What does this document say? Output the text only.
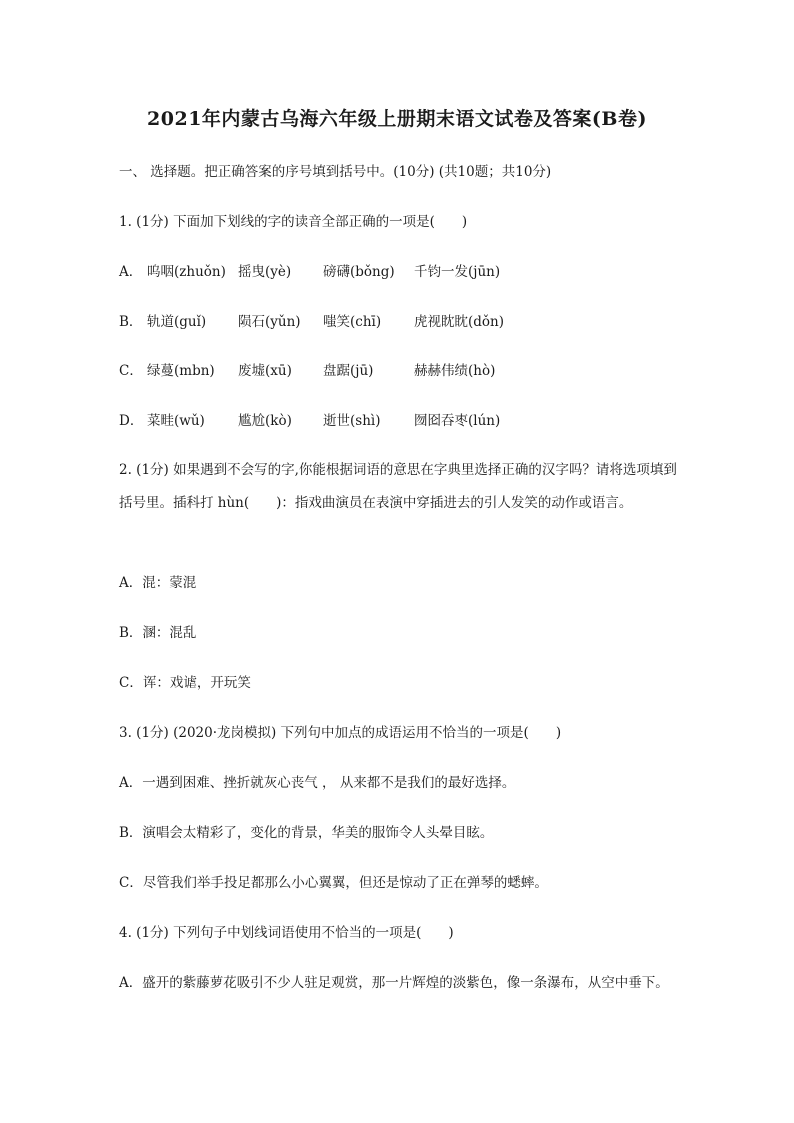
2021年内蒙古乌海六年级上册期末语文试卷及答案(B卷)
一、 选择题。把正确答案的序号填到括号中。(10分) (共10题；共10分)
1. (1分) 下面加下划线的字的读音全部正确的一项是(　　)
A． 呜咽(zhuǒn) 摇曳(yè) 磅礴(bǒng) 千钧一发(jūn)
B． 轨道(guǐ) 陨石(yǔn) 嗤笑(chī) 虎视眈眈(dǒn)
C． 绿蔓(mbn) 废墟(xū) 盘踞(jū)	赫赫伟绩(hò)
D． 菜畦(wǔ) 尴尬(kò) 逝世(shì) 囫囵吞枣(lún)
2. (1分) 如果遇到不会写的字,你能根据词语的意思在字典里选择正确的汉字吗？请将选项填到括号里。插科打 hùn(　　)：指戏曲演员在表演中穿插进去的引人发笑的动作或语言。
A．混：蒙混
B．溷：混乱
C．诨：戏谑，开玩笑
3. (1分) (2020·龙岗模拟) 下列句中加点的成语运用不恰当的一项是(　　)
A．一遇到困难、挫折就灰心丧气 ， 从来都不是我们的最好选择。
B．演唱会太精彩了，变化的背景，华美的服饰令人头晕目眩。
C．尽管我们举手投足都那么小心翼翼，但还是惊动了正在弹琴的蟋蟀。
4. (1分) 下列句子中划线词语使用不恰当的一项是(　　)
A．盛开的紫藤萝花吸引不少人驻足观赏，那一片辉煌的淡紫色，像一条瀑布，从空中垂下。
